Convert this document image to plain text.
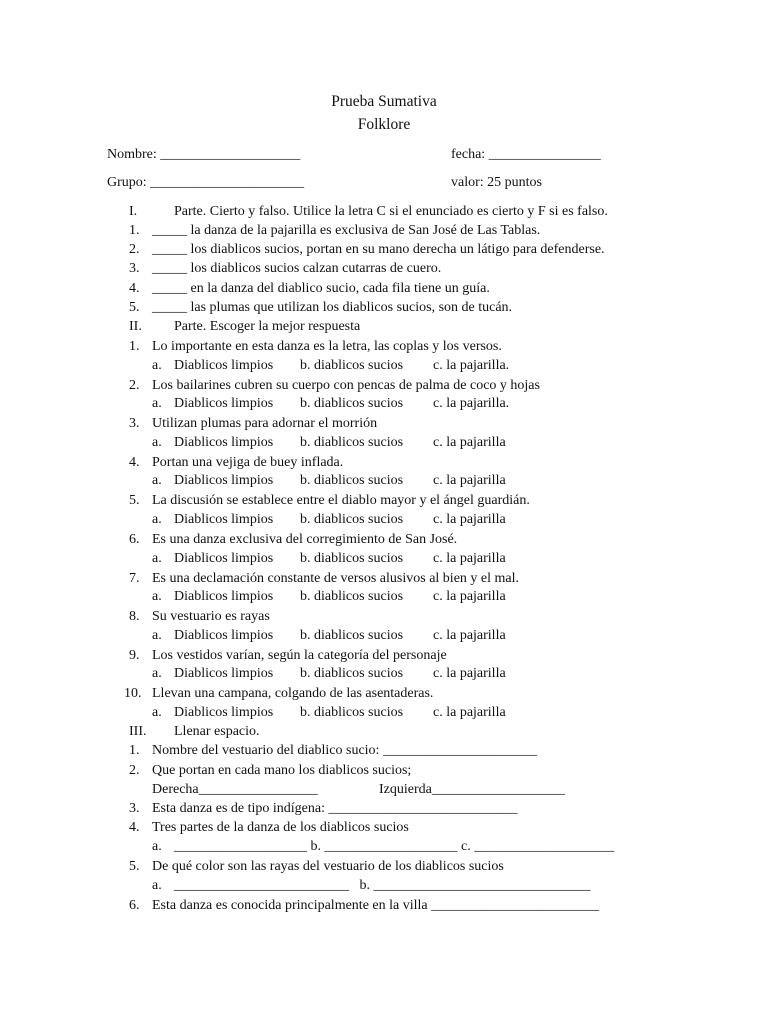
Prueba Sumativa
Folklore
Nombre: ____________________	fecha: ________________
Grupo: ______________________	valor: 25 puntos
I.	Parte. Cierto y falso. Utilice la letra C si el enunciado es cierto y F si es falso.
1. _____ la danza de la pajarilla es exclusiva de San José de Las Tablas.
2. _____ los diablicos sucios, portan en su mano derecha un látigo para defenderse.
3. _____ los diablicos sucios calzan cutarras de cuero.
4. _____ en la danza del diablico sucio, cada fila tiene un guía.
5. _____ las plumas que utilizan los diablicos sucios, son de tucán.
II. Parte. Escoger la mejor respuesta
1. Lo importante en esta danza es la letra, las coplas y los versos.
a. Diablicos limpios b. diablicos sucios c. la pajarilla.
2. Los bailarines cubren su cuerpo con pencas de palma de coco y hojas
a. Diablicos limpios b. diablicos sucios c. la pajarilla.
3. Utilizan plumas para adornar el morrión
a. Diablicos limpios b. diablicos sucios c. la pajarilla
4. Portan una vejiga de buey inflada.
a. Diablicos limpios b. diablicos sucios c. la pajarilla
5. La discusión se establece entre el diablo mayor y el ángel guardián.
a. Diablicos limpios b. diablicos sucios c. la pajarilla
6. Es una danza exclusiva del corregimiento de San José.
a. Diablicos limpios b. diablicos sucios c. la pajarilla
7. Es una declamación constante de versos alusivos al bien y el mal.
a. Diablicos limpios b. diablicos sucios c. la pajarilla
8. Su vestuario es rayas
a. Diablicos limpios b. diablicos sucios c. la pajarilla
9. Los vestidos varían, según la categoría del personaje
a. Diablicos limpios b. diablicos sucios c. la pajarilla
10. Llevan una campana, colgando de las asentaderas.
a. Diablicos limpios b. diablicos sucios c. la pajarilla
III. Llenar espacio.
1. Nombre del vestuario del diablico sucio: ______________________
2. Que portan en cada mano los diablicos sucios;
Derecha_________________	Izquierda___________________
3. Esta danza es de tipo indígena: ___________________________
4. Tres partes de la danza de los diablicos sucios
a. ___________________ b. ___________________ c. ____________________
5. De qué color son las rayas del vestuario de los diablicos sucios
a. _________________________   b. _______________________________
6. Esta danza es conocida principalmente en la villa ________________________
